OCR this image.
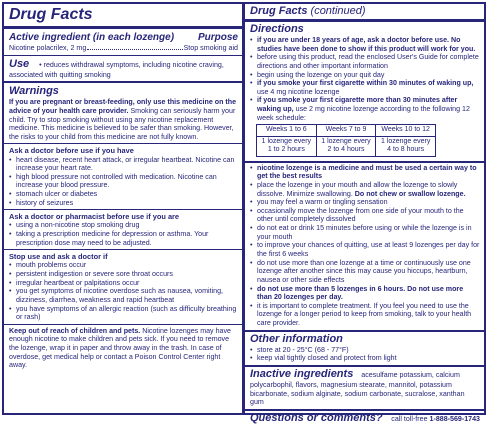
Drug Facts
Active ingredient (in each lozenge) Purpose
Nicotine polacrilex, 2 mg	Stop smoking aid
Use • reduces withdrawal symptoms, including nicotine craving, associated with quitting smoking
Warnings
If you are pregnant or breast-feeding, only use this medicine on the advice of your health care provider. Smoking can seriously harm your child. Try to stop smoking without using any nicotine replacement medicine. This medicine is believed to be safer than smoking. However, the risks to your child from this medicine are not fully known.
Ask a doctor before use if you have
• heart disease, recent heart attack, or irregular heartbeat. Nicotine can increase your heart rate.
• high blood pressure not controlled with medication. Nicotine can increase your blood pressure.
• stomach ulcer or diabetes
• history of seizures
Ask a doctor or pharmacist before use if you are
• using a non-nicotine stop smoking drug
• taking a prescription medicine for depression or asthma. Your prescription dose may need to be adjusted.
Stop use and ask a doctor if
• mouth problems occur
• persistent indigestion or severe sore throat occurs
• irregular heartbeat or palpitations occur
• you get symptoms of nicotine overdose such as nausea, vomiting, dizziness, diarrhea, weakness and rapid heartbeat
• you have symptoms of an allergic reaction (such as difficulty breathing or rash)
Keep out of reach of children and pets. Nicotine lozenges may have enough nicotine to make children and pets sick. If you need to remove the lozenge, wrap it in paper and throw away in the trash. In case of overdose, get medical help or contact a Poison Control Center right away.
Drug Facts (continued)
Directions
• if you are under 18 years of age, ask a doctor before use. No studies have been done to show if this product will work for you.
• before using this product, read the enclosed User's Guide for complete directions and other important information
• begin using the lozenge on your quit day
• if you smoke your first cigarette within 30 minutes of waking up, use 4 mg nicotine lozenge
• if you smoke your first cigarette more than 30 minutes after waking up, use 2 mg nicotine lozenge according to the following 12 week schedule:
Weeks 1 to 6	Weeks 7 to 9	Weeks 10 to 12
1 lozenge every 1 to 2 hours	1 lozenge every 2 to 4 hours	1 lozenge every 4 to 8 hours
• nicotine lozenge is a medicine and must be used a certain way to get the best results
• place the lozenge in your mouth and allow the lozenge to slowly dissolve. Minimize swallowing. Do not chew or swallow lozenge.
• you may feel a warm or tingling sensation
• occasionally move the lozenge from one side of your mouth to the other until completely dissolved
• do not eat or drink 15 minutes before using or while the lozenge is in your mouth
• to improve your chances of quitting, use at least 9 lozenges per day for the first 6 weeks
• do not use more than one lozenge at a time or continuously use one lozenge after another since this may cause you hiccups, heartburn, nausea or other side effects
• do not use more than 5 lozenges in 6 hours. Do not use more than 20 lozenges per day.
• it is important to complete treatment. If you feel you need to use the lozenge for a longer period to keep from smoking, talk to your health care provider.
Other information
• store at 20 - 25°C (68 - 77°F)
• keep vial tightly closed and protect from light
Inactive ingredients acesulfame potassium, calcium polycarbophil, flavors, magnesium stearate, mannitol, potassium bicarbonate, sodium alginate, sodium carbonate, sucralose, xanthan gum
Questions or comments? call toll-free 1-888-569-1743
